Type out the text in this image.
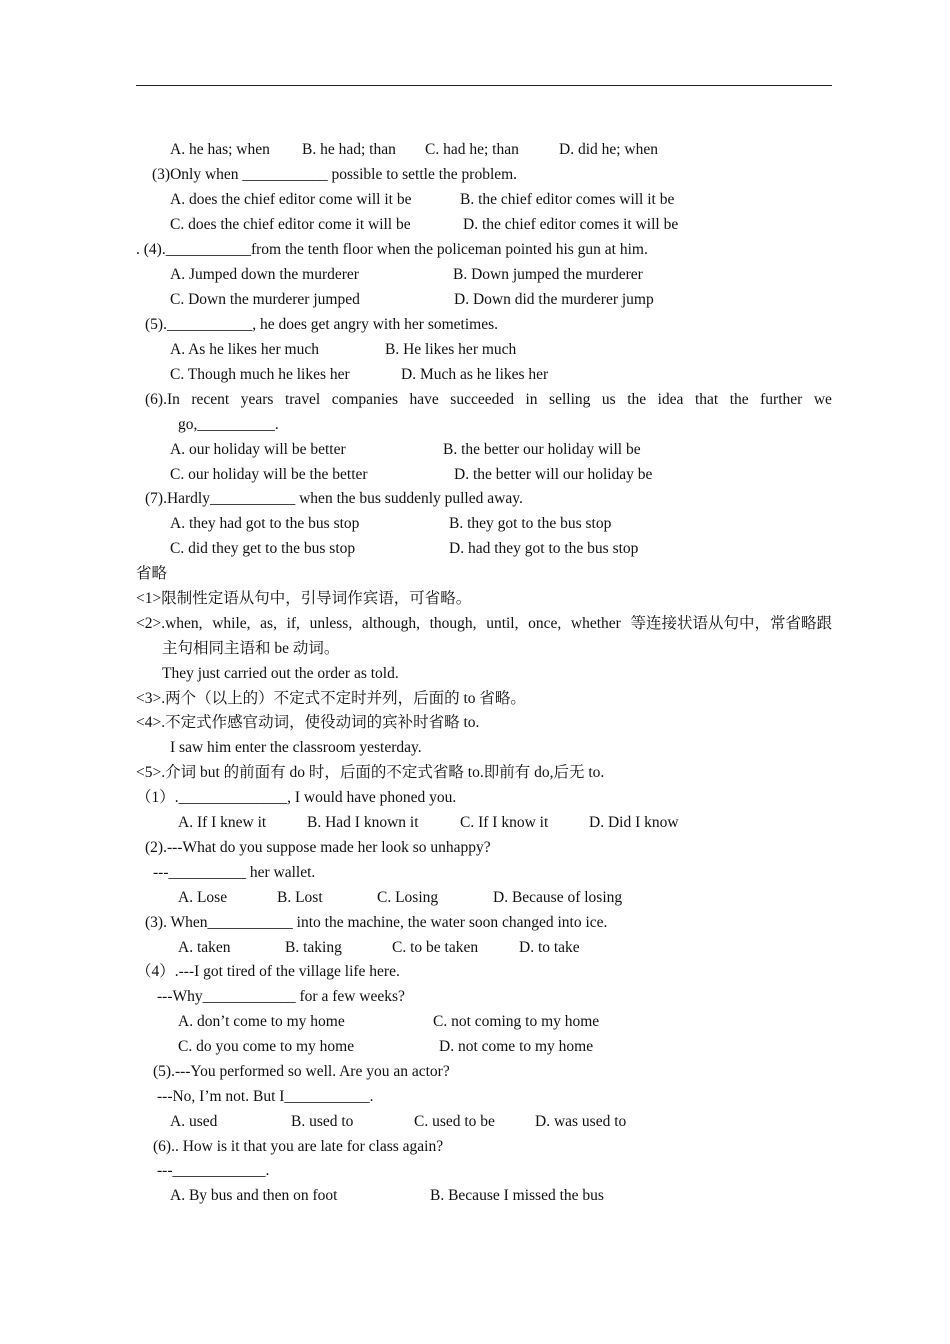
A. he has; when

B. he had; than

C. had he; than

	D. did he; when

(3)Only when ___________ possible to settle the problem.

A. does the chief editor come will it be

	B. the chief editor comes will it be

C. does the chief editor come it will be

	D. the chief editor comes it will be

. (4).___________from the tenth floor when the policeman pointed his gun at him.

A. Jumped down the murderer

	B. Down jumped the murderer

C. Down the murderer jumped

	D. Down did the murderer jump

(5).___________, he does get angry with her sometimes.

A. As he likes her much

	B. He likes her much

C. Though much he likes her

	D. Much as he likes her

(6).In recent years travel companies have succeeded in selling us the idea that the further we
go,__________.

A. our holiday will be better

	B. the better our holiday will be

C. our holiday will be the better

	D. the better will our holiday be

(7).Hardly___________ when the bus suddenly pulled away.

A. they had got to the bus stop

	B. they got to the bus stop

C. did they get to the bus stop

	D. had they got to the bus stop

省略
<1>限制性定语从句中，引导词作宾语，可省略。
<2>.when, while, as, if, unless, although, though, until, once, whether 等连接状语从句中，常省略跟
主句相同主语和 be 动词。
They just carried out the order as told.
<3>.两个（以上的）不定式不定时并列，后面的 to 省略。
<4>.不定式作感官动词，使役动词的宾补时省略 to.
I saw him enter the classroom yesterday.
<5>.介词 but 的前面有 do 时，后面的不定式省略 to.即前有 do,后无 to.
（1）.______________, I would have phoned you.

A. If I knew it

	B. Had I known it

	C. If I know it

	D. Did I know

(2).---What do you suppose made her look so unhappy?
---__________ her wallet.

A. Lose

	B. Lost

	C. Losing

	D. Because of losing

(3). When___________ into the machine, the water soon changed into ice.

A. taken

	B. taking

	C. to be taken

	D. to take

（4）.---I got tired of the village life here.
---Why____________ for a few weeks?

A. don’t come to my home

	C. not coming to my home

C. do you come to my home

	D. not come to my home

(5).---You performed so well. Are you an actor?
---No, I’m not. But I___________.

A. used

	B. used to

	C. used to be

	D. was used to

(6).. How is it that you are late for class again?
---____________.

A. By bus and then on foot

	B. Because I missed the bus
